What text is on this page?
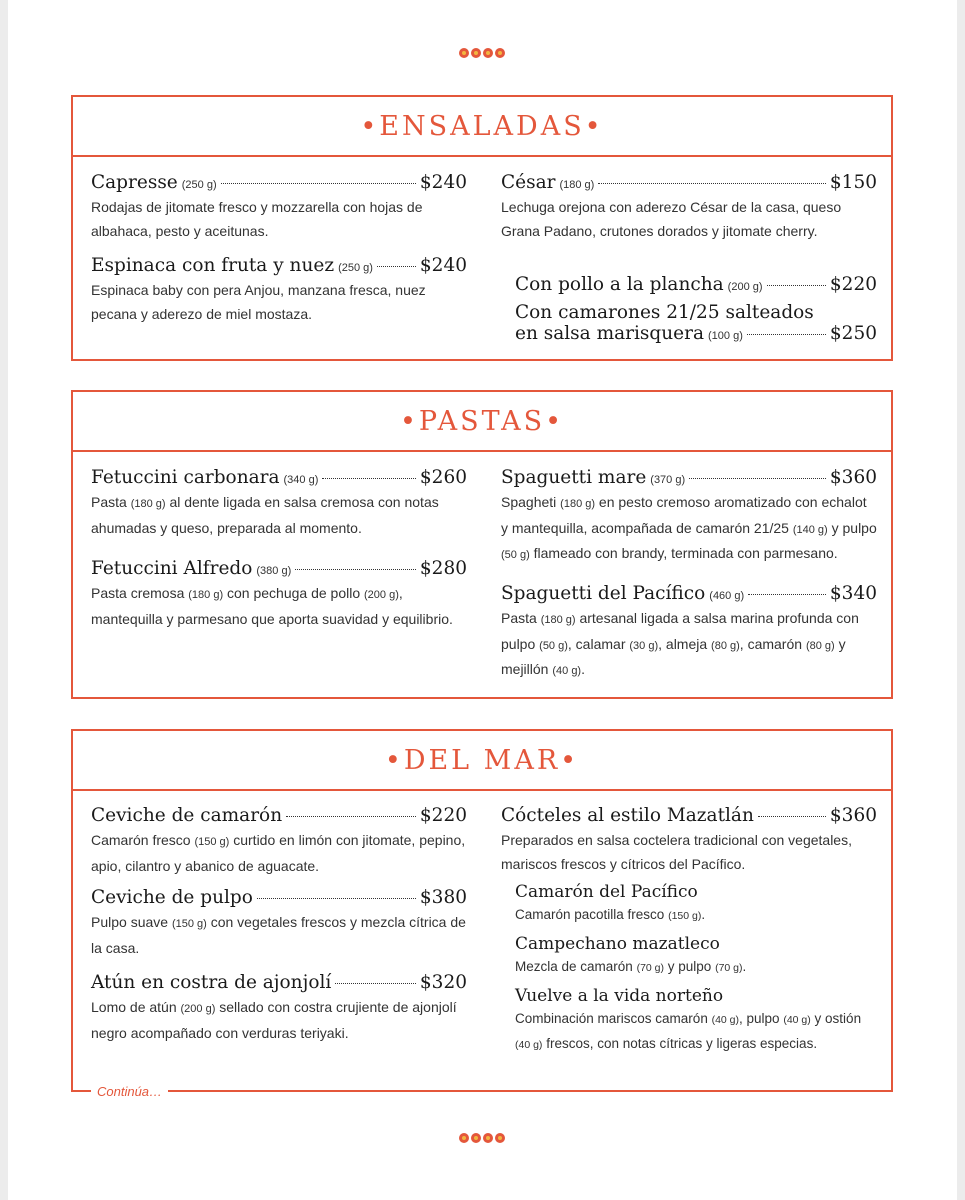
•ENSALADAS•
Capresse (250 g)	$240
Rodajas de jitomate fresco y mozzarella con hojas de albahaca, pesto y aceitunas.
Espinaca con fruta y nuez (250 g)	$240
Espinaca baby con pera Anjou, manzana fresca, nuez pecana y aderezo de miel mostaza.
César (180 g)	$150
Lechuga orejona con aderezo César de la casa, queso Grana Padano, crutones dorados y jitomate cherry.
Con pollo a la plancha (200 g)	$220
Con camarones 21/25 salteados
en salsa marisquera (100 g)	$250
•PASTAS•
Fetuccini carbonara (340 g)	$260
Pasta (180 g) al dente ligada en salsa cremosa con notas ahumadas y queso, preparada al momento.
Fetuccini Alfredo (380 g)	$280
Pasta cremosa (180 g) con pechuga de pollo (200 g), mantequilla y parmesano que aporta suavidad y equilibrio.
Spaguetti mare (370 g)	$360
Spagheti (180 g) en pesto cremoso aromatizado con echalot y mantequilla, acompañada de camarón 21/25 (140 g) y pulpo (50 g) flameado con brandy, terminada con parmesano.
Spaguetti del Pacífico (460 g)	$340
Pasta (180 g) artesanal ligada a salsa marina profunda con pulpo (50 g), calamar (30 g), almeja (80 g), camarón (80 g) y mejillón (40 g).
•DEL MAR•
Ceviche de camarón	$220
Camarón fresco (150 g) curtido en limón con jitomate, pepino, apio, cilantro y abanico de aguacate.
Ceviche de pulpo	$380
Pulpo suave (150 g) con vegetales frescos y mezcla cítrica de la casa.
Atún en costra de ajonjolí	$320
Lomo de atún (200 g) sellado con costra crujiente de ajonjolí negro acompañado con verduras teriyaki.
Cócteles al estilo Mazatlán	$360
Preparados en salsa coctelera tradicional con vegetales, mariscos frescos y cítricos del Pacífico.
Camarón del Pacífico
Camarón pacotilla fresco (150 g).
Campechano mazatleco
Mezcla de camarón (70 g) y pulpo (70 g).
Vuelve a la vida norteño
Combinación mariscos camarón (40 g), pulpo (40 g) y ostión (40 g) frescos, con notas cítricas y ligeras especias.
Continúa…
